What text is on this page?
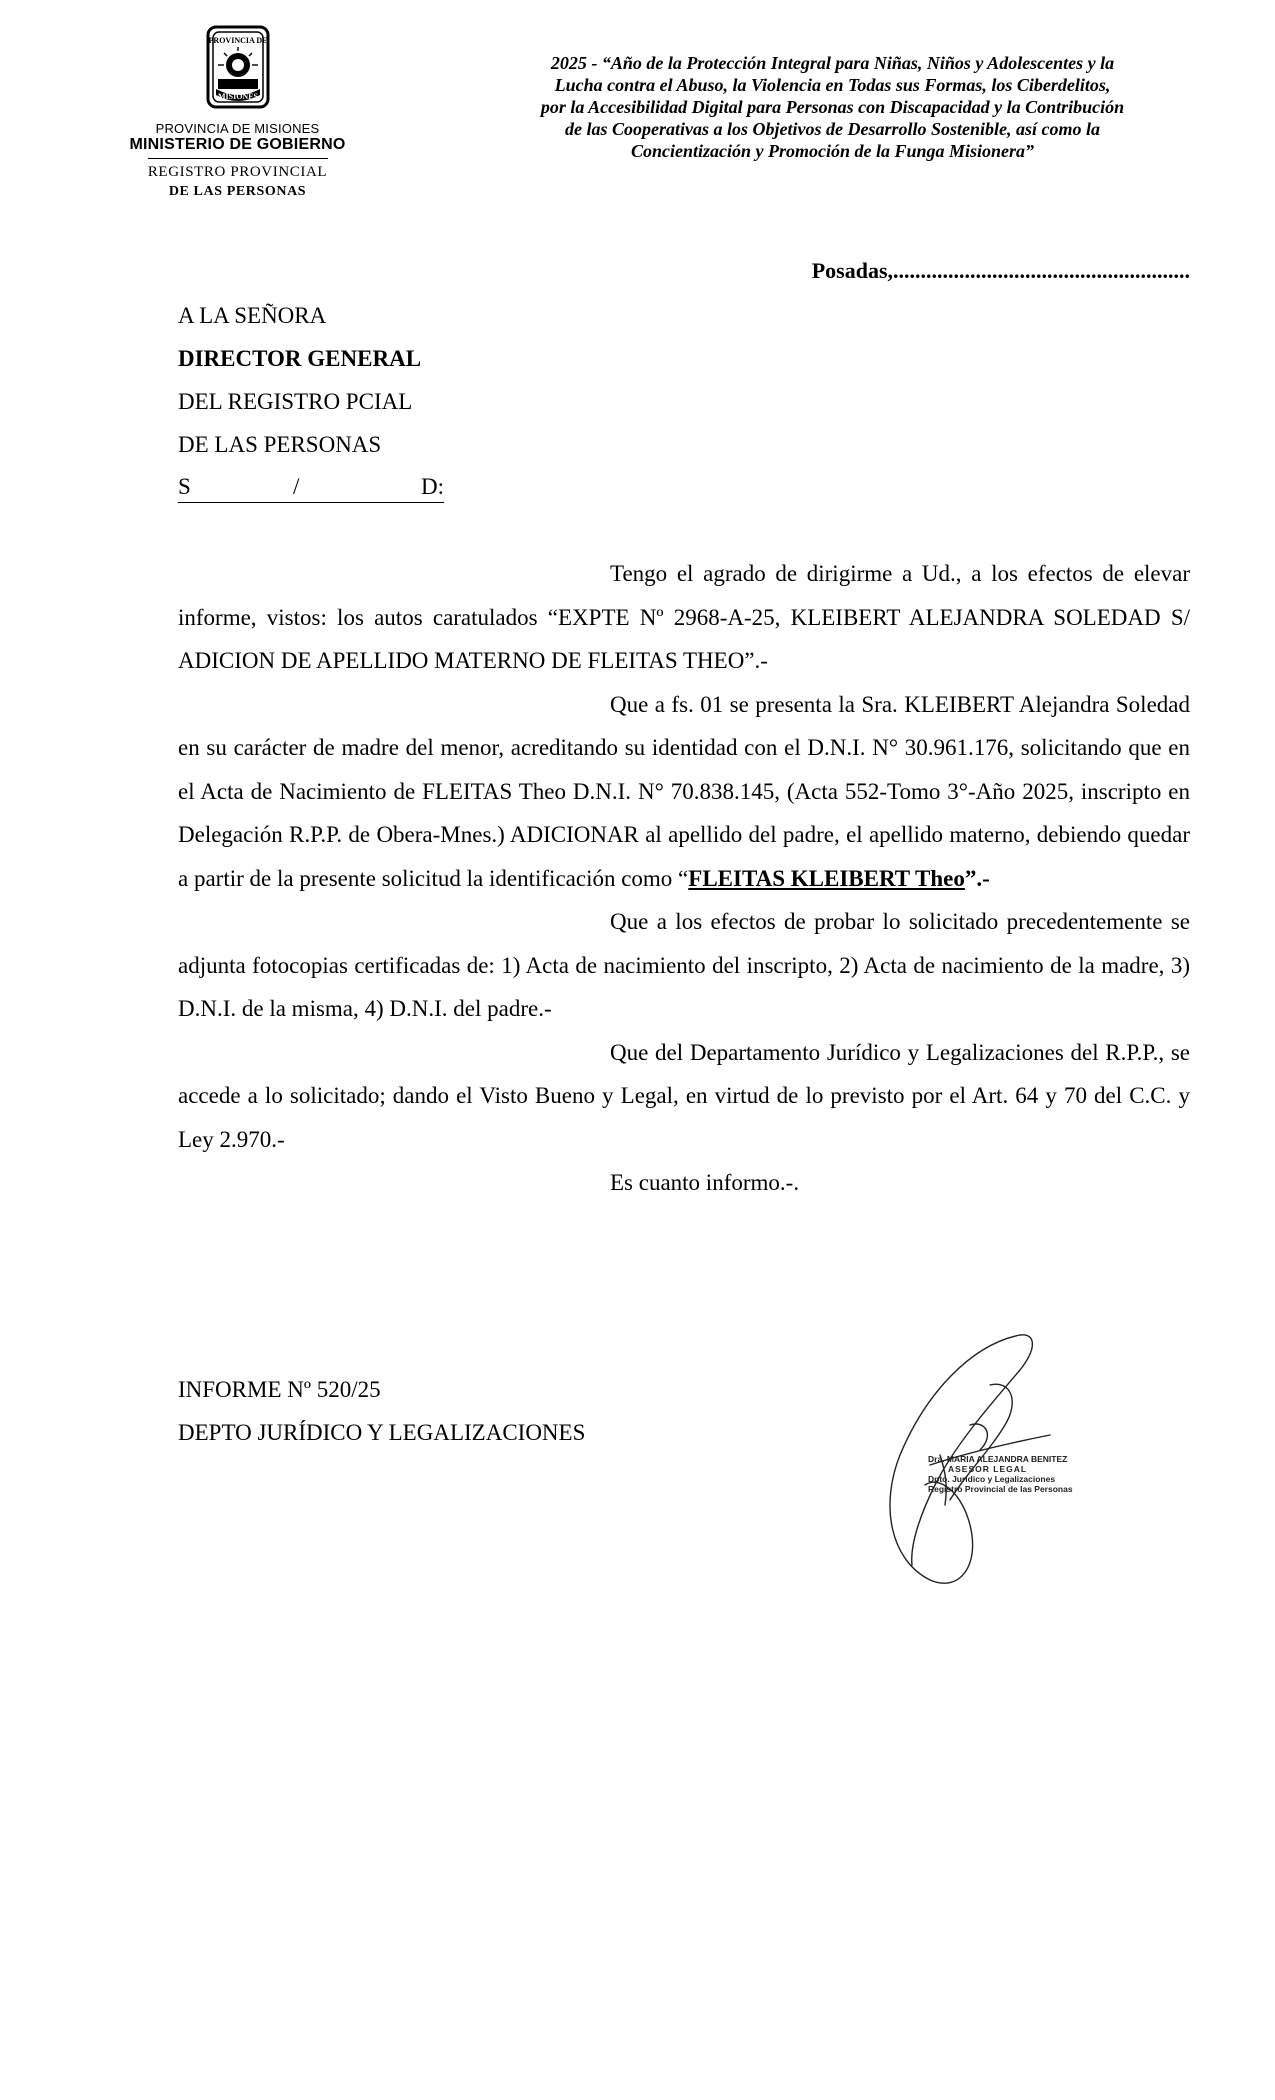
PROVINCIA DE
MISIONES
PROVINCIA DE MISIONES
MINISTERIO DE GOBIERNO
REGISTRO PROVINCIAL
DE LAS PERSONAS
2025 - “Año de la Protección Integral para Niñas, Niños y Adolescentes y la
Lucha contra el Abuso, la Violencia en Todas sus Formas, los Ciberdelitos,
por la Accesibilidad Digital para Personas con Discapacidad y la Contribución
de las Cooperativas a los Objetivos de Desarrollo Sostenible, así como la
Concientización y Promoción de la Funga Misionera”
Posadas,......................................................
A LA SEÑORA
DIRECTOR GENERAL
DEL REGISTRO PCIAL
DE LAS PERSONAS
S	/	D:

Tengo el agrado de dirigirme a Ud., a los efectos de elevar informe, vistos: los autos caratulados “EXPTE Nº 2968-A-25, KLEIBERT ALEJANDRA SOLEDAD S/ ADICION DE APELLIDO MATERNO DE FLEITAS THEO”.-

Que a fs. 01 se presenta la Sra. KLEIBERT Alejandra Soledad en su carácter de madre del menor, acreditando su identidad con el D.N.I. N° 30.961.176, solicitando que en el Acta de Nacimiento de FLEITAS Theo D.N.I. N° 70.838.145, (Acta 552-Tomo 3°-Año 2025, inscripto en Delegación R.P.P. de Obera-Mnes.) ADICIONAR al apellido del padre, el apellido materno, debiendo quedar a partir de la presente solicitud la identificación como “FLEITAS KLEIBERT Theo”.-

Que a los efectos de probar lo solicitado precedentemente se adjunta fotocopias certificadas de: 1) Acta de nacimiento del inscripto, 2) Acta de nacimiento de la madre, 3) D.N.I. de la misma, 4) D.N.I. del padre.-

Que del Departamento Jurídico y Legalizaciones del R.P.P., se accede a lo solicitado; dando el Visto Bueno y Legal, en virtud de lo previsto por el Art. 64 y 70 del C.C. y Ley 2.970.-

Es cuanto informo.-.

INFORME Nº 520/25
DEPTO JURÍDICO Y LEGALIZACIONES
Dra. MARIA ALEJANDRA BENITEZ
ASESOR LEGAL
Dpto. Jurídico y Legalizaciones
Registro Provincial de las Personas
